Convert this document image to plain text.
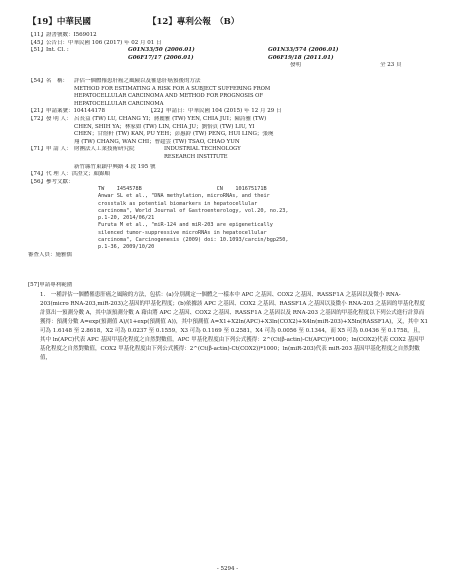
【19】中華民國	【12】專利公報　（B）
【11】證書號數：I569012
【45】公告日：中華民國 106 (2017) 年 02 月 01 日
【51】Int. Cl. :	G01N33/50 (2006.01)	G01N33/574 (2006.01)
G06F17/17 (2006.01)	G06F19/18 (2011.01)
發明	全 23 頁
【54】名　稱：	評估一個體罹患肝癌之風險以及罹患肝癌預後的方法
METHOD FOR ESTIMATING A RISK FOR A SUBJECT SUFFERING FROM
HEPATOCELLULAR CARCINOMA AND METHOD FOR PROGNOSIS OF
HEPATOCELLULAR CARCINOMA
【21】申請案號：104144178	【22】申請日：中華民國 104 (2015) 年 12 月 29 日
【72】發 明 人： 呂長益 (TW) LU, CHANG YI；蔣麗雅 (TW) YEN, CHIA JUI；陳詩雅 (TW)
CHEN, SHIH YA；林家如 (TW) LIN, CHIA JU；劉怡貞 (TW) LIU, YI
CHEN；甘煜軒 (TW) KAN, PU YEH；彭惠鈴 (TW) PENG, HUI LING；張琬
翔 (TW) CHANG, WAN CHI；曹超雲 (TW) TSAO, CHAO YUN
【71】申 請 人： 財團法人工業技術研究院	INDUSTRIAL TECHNOLOGY
RESEARCH INSTITUTE
新竹縣竹東鎮中興路 4 段 195 號
【74】代 理 人：洪澄文；顏錦順
【56】參考文獻：
TW    I454578B                        CN    101675171B
Anwar SL et al., "DNA methylation, microRNAs, and their
crosstalk as potential biomarkers in hepatocellular
carcinoma", World Journal of Gastroenterology, vol.20, no.23,
p.1-20, 2014/06/21
Furuta M et al., "miR-124 and miR-203 are epigenetically
silenced tumor-suppressive microRNAs in hepatocellular
carcinoma", Carcinogenesis (2009) doi: 10.1093/carcin/bgp250,
p.1-36, 2009/10/20
審查人員：施雅儒
[57]申請專利範圍
1.　一種評估一個體罹患肝癌之風險的方法，包括：(a)分別測定一個體之一樣本中 APC 之基因、COX2 之基因、RASSF1A 之基因以及微小 RNA-203(micro RNA-203,miR-203)之基因的甲基化程度；(b)依據該 APC 之基因、COX2 之基因、RASSF1A 之基因以及微小 RNA-203 之基因的甲基化程度計算出一預測分數 A，其中該預測分數 A 藉由將 APC 之基因、COX2 之基因、RASSF1A 之基因以及 RNA-203 之基因的甲基化程度以下列公式進行計算而獲得：預測分數 A=exp(預測值 A)/(1+exp(預測值 A))，其中預測值 A=X1+X2ln(APC)+X3ln(COX2)+X4ln(miR-203)+X5ln(RASSF1A)，又，其中 X1 可為 1.6148 至 2.8618，X2 可為 0.0237 至 0.1559，X3 可為 0.1169 至 0.2581，X4 可為 0.0056 至 0.1344，而 X5 可為 0.0436 至 0.1758，且，其中 ln(APC)代表 APC 基因甲基化程度之自然對數值，APC 甲基化程度由下列公式獲得：2^(Ct(β-actin)-Ct(APC))*1000；ln(COX2)代表 COX2 基因甲基化程度之自然對數值，COX2 甲基化程度由下列公式獲得：2^(Ct(β-actin)-Ct(COX2))*1000；ln(miR-203)代表 miR-203 基因甲基化程度之自然對數值，
- 5294 -
